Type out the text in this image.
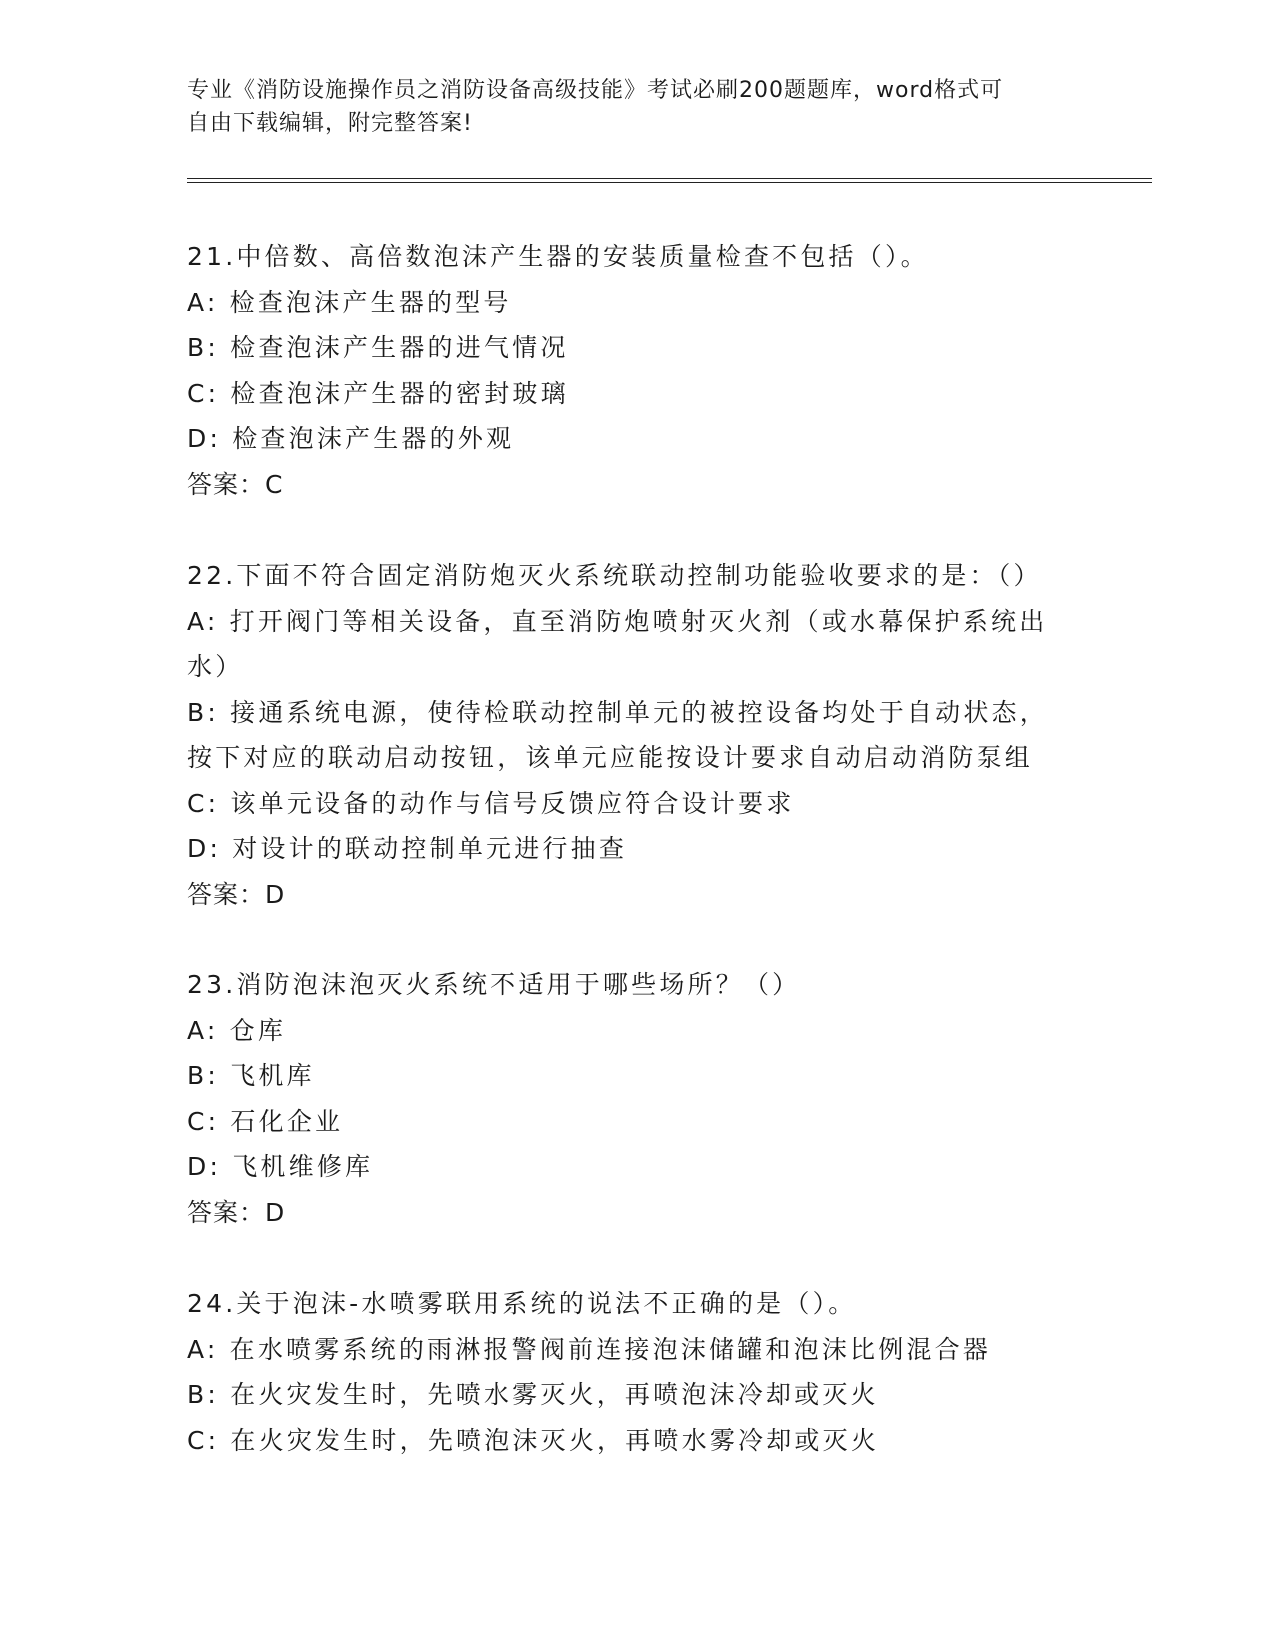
专业《消防设施操作员之消防设备高级技能》考试必刷200题题库，word格式可
自由下载编辑，附完整答案!
21.中倍数、高倍数泡沫产生器的安装质量检查不包括（）。
A: 检查泡沫产生器的型号
B: 检查泡沫产生器的进气情况
C: 检查泡沫产生器的密封玻璃
D: 检查泡沫产生器的外观
答案：C
22.下面不符合固定消防炮灭火系统联动控制功能验收要求的是：（）
A: 打开阀门等相关设备，直至消防炮喷射灭火剂（或水幕保护系统出
水）
B: 接通系统电源，使待检联动控制单元的被控设备均处于自动状态，
按下对应的联动启动按钮，该单元应能按设计要求自动启动消防泵组
C: 该单元设备的动作与信号反馈应符合设计要求
D: 对设计的联动控制单元进行抽查
答案：D
23.消防泡沫泡灭火系统不适用于哪些场所？（）
A: 仓库
B: 飞机库
C: 石化企业
D: 飞机维修库
答案：D
24.关于泡沫-水喷雾联用系统的说法不正确的是（）。
A: 在水喷雾系统的雨淋报警阀前连接泡沫储罐和泡沫比例混合器
B: 在火灾发生时，先喷水雾灭火，再喷泡沫冷却或灭火
C: 在火灾发生时，先喷泡沫灭火，再喷水雾冷却或灭火
